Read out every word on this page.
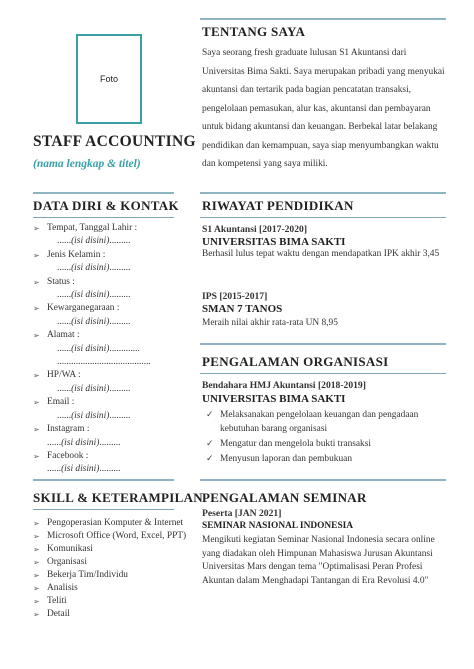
Foto
STAFF ACCOUNTING
(nama lengkap & titel)
TENTANG SAYA
Saya seorang fresh graduate lulusan S1 Akuntansi dari Universitas Bima Sakti. Saya merupakan pribadi yang menyukai akuntansi dan tertarik pada bagian pencatatan transaksi, pengelolaan pemasukan, alur kas, akuntansi dan pembayaran untuk bidang akuntansi dan keuangan. Berbekal latar belakang pendidikan dan kemampuan, saya siap menyumbangkan waktu dan kompetensi yang saya miliki.
DATA DIRI & KONTAK
➢ Tempat, Tanggal Lahir :
......(isi disini).........
➢ Jenis Kelamin :
......(isi disini).........
➢ Status :
......(isi disini).........
➢ Kewarganegaraan :
......(isi disini).........
➢ Alamat :
......(isi disini).............
........................................
➢ HP/WA :
......(isi disini).........
➢ Email :
......(isi disini).........
➢ Instagram :
......(isi disini).........
➢ Facebook :
......(isi disini).........
RIWAYAT PENDIDIKAN
S1 Akuntansi [2017-2020]
UNIVERSITAS BIMA SAKTI
Berhasil lulus tepat waktu dengan mendapatkan IPK akhir 3,45
IPS [2015-2017]
SMAN 7 TANOS
Meraih nilai akhir rata-rata UN 8,95
PENGALAMAN ORGANISASI
Bendahara HMJ Akuntansi [2018-2019]
UNIVERSITAS BIMA SAKTI
✓ Melaksanakan pengelolaan keuangan dan pengadaan kebutuhan barang organisasi
✓ Mengatur dan mengelola bukti transaksi
✓ Menyusun laporan dan pembukuan
SKILL & KETERAMPILAN
➢ Pengoperasian Komputer & Internet
➢ Microsoft Office (Word, Excel, PPT)
➢ Komunikasi
➢ Organisasi
➢ Bekerja Tim/Individu
➢ Analisis
➢ Teliti
➢ Detail
PENGALAMAN SEMINAR
Peserta [JAN 2021]
SEMINAR NASIONAL INDONESIA
Mengikuti kegiatan Seminar Nasional Indonesia secara online yang diadakan oleh Himpunan Mahasiswa Jurusan Akuntansi Universitas Mars dengan tema "Optimalisasi Peran Profesi Akuntan dalam Menghadapi Tantangan di Era Revolusi 4.0"
